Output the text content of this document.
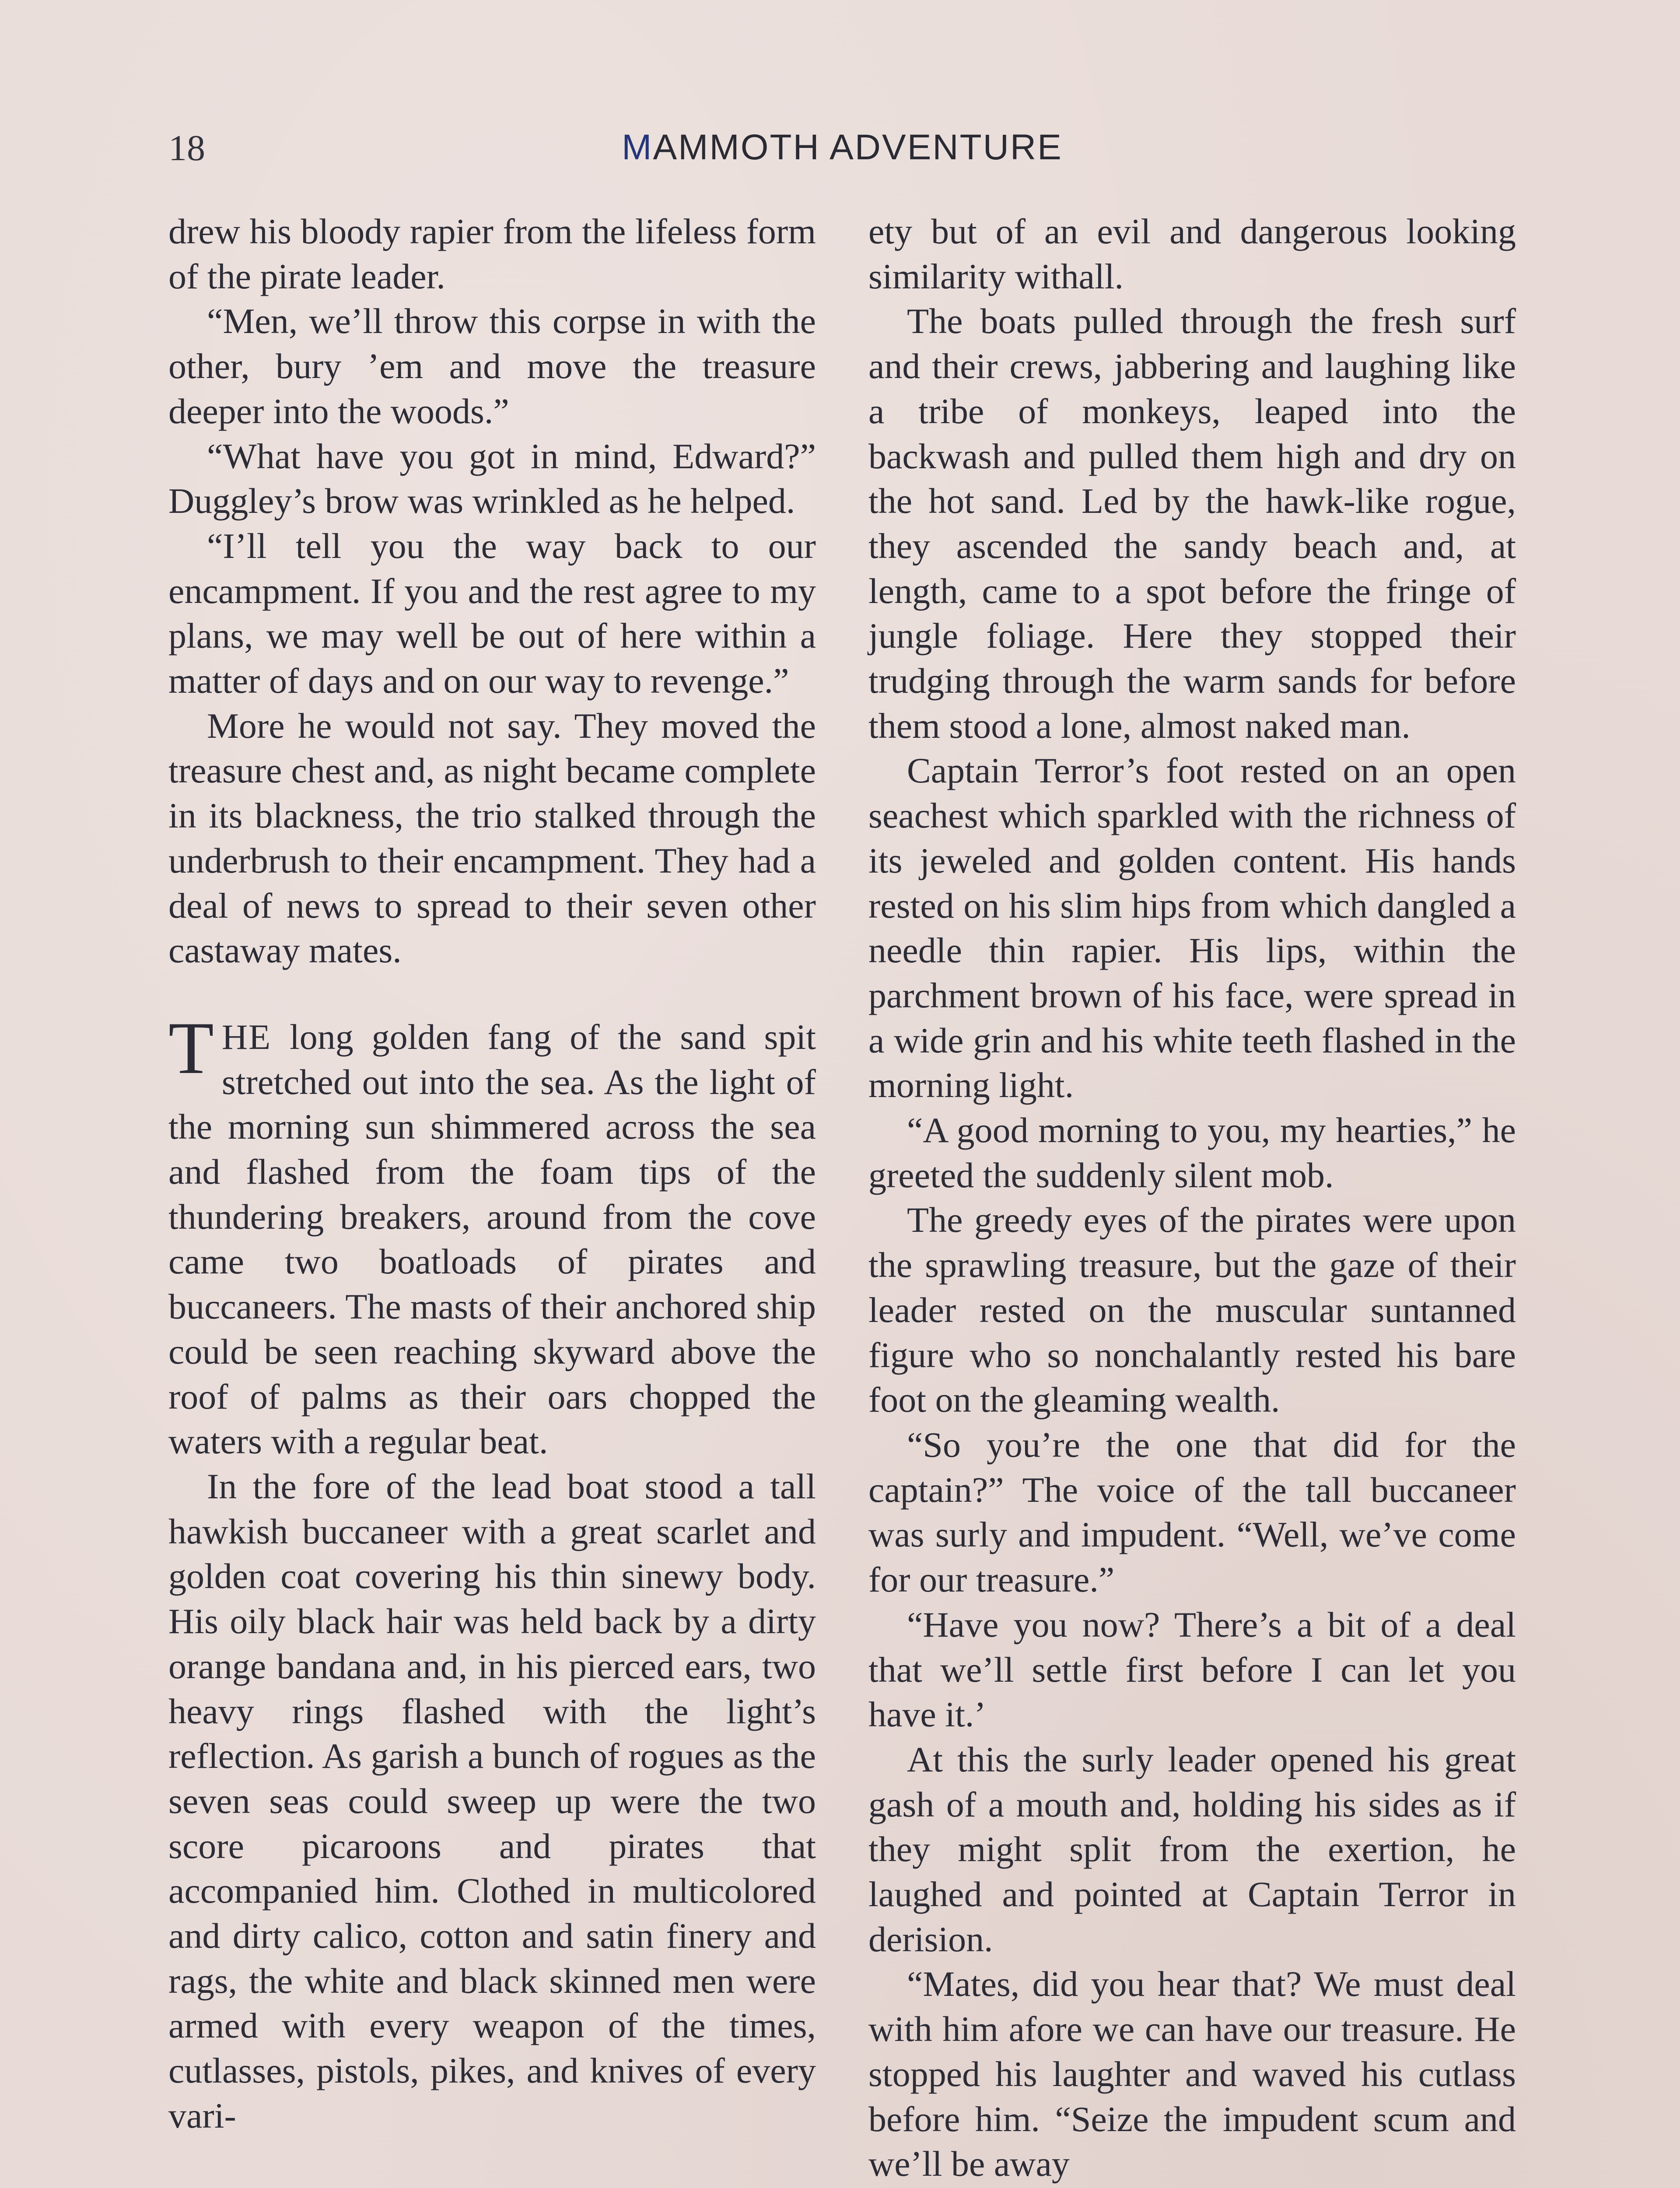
18	MAMMOTH ADVENTURE

drew his bloody rapier from the lifeless form of the pirate leader.

“Men, we’ll throw this corpse in with the other, bury ’em and move the treasure deeper into the woods.”

“What have you got in mind, Edward?” Duggley’s brow was wrinkled as he helped.

“I’ll tell you the way back to our encampment. If you and the rest agree to my plans, we may well be out of here within a matter of days and on our way to revenge.”

More he would not say. They moved the treasure chest and, as night became complete in its blackness, the trio stalked through the underbrush to their encampment. They had a deal of news to spread to their seven other castaway mates.

THE long golden fang of the sand spit stretched out into the sea. As the light of the morning sun shimmered across the sea and flashed from the foam tips of the thundering breakers, around from the cove came two boatloads of pirates and buccaneers. The masts of their anchored ship could be seen reaching skyward above the roof of palms as their oars chopped the waters with a regular beat.

In the fore of the lead boat stood a tall hawkish buccaneer with a great scarlet and golden coat covering his thin sinewy body. His oily black hair was held back by a dirty orange bandana and, in his pierced ears, two heavy rings flashed with the light’s reflection. As garish a bunch of rogues as the seven seas could sweep up were the two score picaroons and pirates that accompanied him. Clothed in multicolored and dirty calico, cotton and satin finery and rags, the white and black skinned men were armed with every weapon of the times, cutlasses, pistols, pikes, and knives of every vari-

ety but of an evil and dangerous looking similarity withall.

The boats pulled through the fresh surf and their crews, jabbering and laughing like a tribe of monkeys, leaped into the backwash and pulled them high and dry on the hot sand. Led by the hawk-like rogue, they ascended the sandy beach and, at length, came to a spot before the fringe of jungle foliage. Here they stopped their trudging through the warm sands for before them stood a lone, almost naked man.

Captain Terror’s foot rested on an open seachest which sparkled with the richness of its jeweled and golden content. His hands rested on his slim hips from which dangled a needle thin rapier. His lips, within the parchment brown of his face, were spread in a wide grin and his white teeth flashed in the morning light.

“A good morning to you, my hearties,” he greeted the suddenly silent mob.

The greedy eyes of the pirates were upon the sprawling treasure, but the gaze of their leader rested on the muscular suntanned figure who so nonchalantly rested his bare foot on the gleaming wealth.

“So you’re the one that did for the captain?” The voice of the tall buccaneer was surly and impudent. “Well, we’ve come for our treasure.”

“Have you now? There’s a bit of a deal that we’ll settle first before I can let you have it.’

At this the surly leader opened his great gash of a mouth and, holding his sides as if they might split from the exertion, he laughed and pointed at Captain Terror in derision.

“Mates, did you hear that? We must deal with him afore we can have our treasure. He stopped his laughter and waved his cutlass before him. “Seize the impudent scum and we’ll be away
